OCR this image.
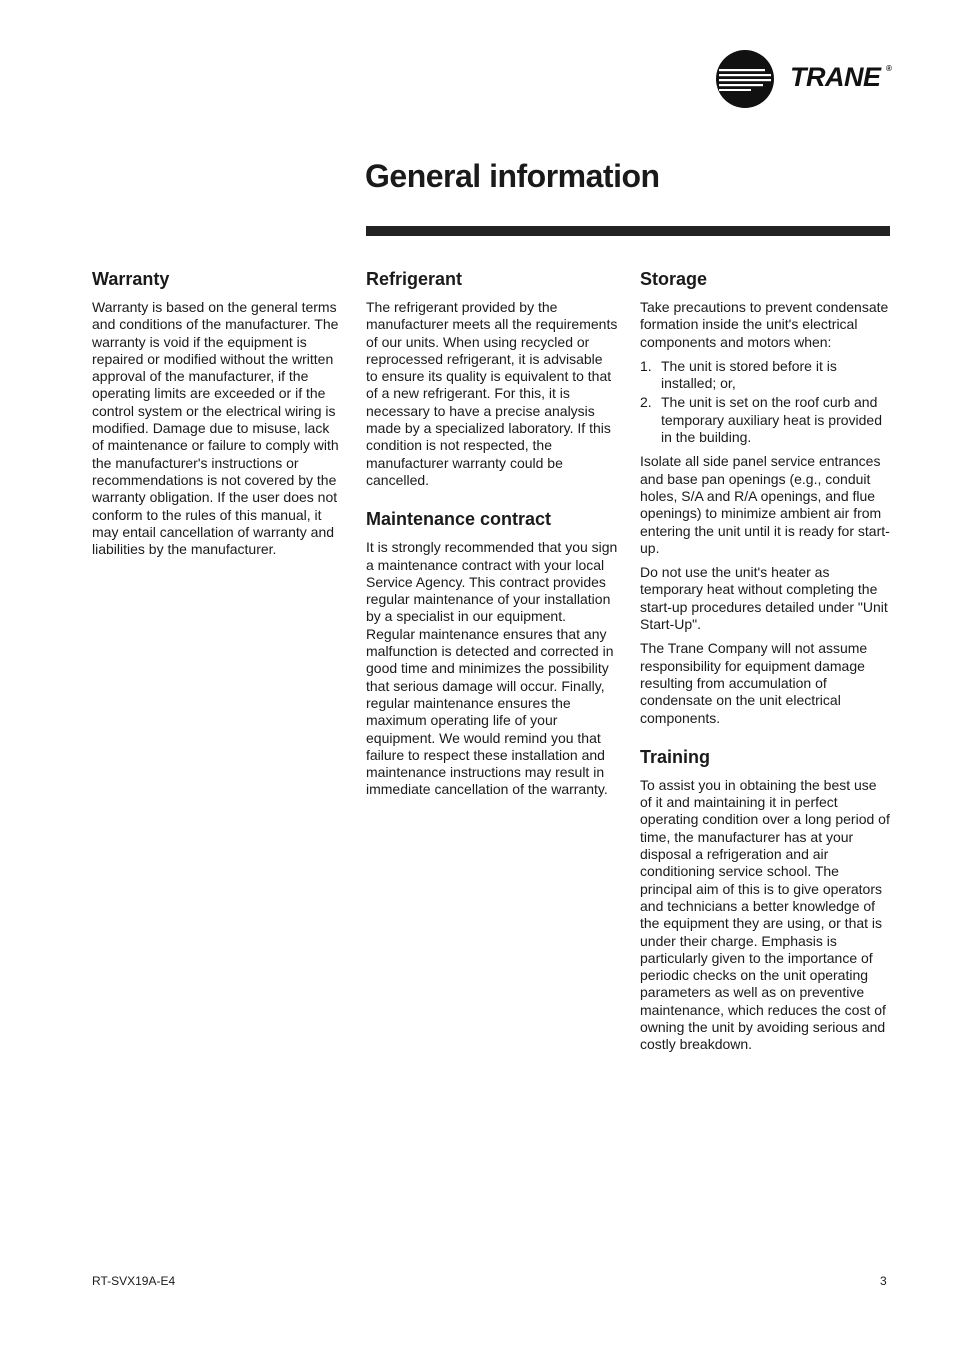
TRANE ®
General information
Warranty

Warranty is based on the general terms and conditions of the manufacturer. The warranty is void if the equipment is repaired or modified without the written approval of the manufacturer, if the operating limits are exceeded or if the control system or the electrical wiring is modified. Damage due to misuse, lack of maintenance or failure to comply with the manufacturer's instructions or recommendations is not covered by the warranty obligation. If the user does not conform to the rules of this manual, it may entail cancellation of warranty and liabilities by the manufacturer.

Refrigerant

The refrigerant provided by the manufacturer meets all the requirements of our units. When using recycled or reprocessed refrigerant, it is advisable to ensure its quality is equivalent to that of a new refrigerant. For this, it is necessary to have a precise analysis made by a specialized laboratory. If this condition is not respected, the manufacturer warranty could be cancelled.

Maintenance contract

It is strongly recommended that you sign a maintenance contract with your local Service Agency. This contract provides regular maintenance of your installation by a specialist in our equipment. Regular maintenance ensures that any malfunction is detected and corrected in good time and minimizes the possibility that serious damage will occur. Finally, regular maintenance ensures the maximum operating life of your equipment. We would remind you that failure to respect these installation and maintenance instructions may result in immediate cancellation of the warranty.

Storage

Take precautions to prevent condensate formation inside the unit's electrical components and motors when:

1. The unit is stored before it is installed; or,
2. The unit is set on the roof curb and temporary auxiliary heat is provided in the building.

Isolate all side panel service entrances and base pan openings (e.g., conduit holes, S/A and R/A openings, and flue openings) to minimize ambient air from entering the unit until it is ready for start-up.

Do not use the unit's heater as temporary heat without completing the start-up procedures detailed under "Unit Start-Up".

The Trane Company will not assume responsibility for equipment damage resulting from accumulation of condensate on the unit electrical components.

Training

To assist you in obtaining the best use of it and maintaining it in perfect operating condition over a long period of time, the manufacturer has at your disposal a refrigeration and air conditioning service school. The principal aim of this is to give operators and technicians a better knowledge of the equipment they are using, or that is under their charge. Emphasis is particularly given to the importance of periodic checks on the unit operating parameters as well as on preventive maintenance, which reduces the cost of owning the unit by avoiding serious and costly breakdown.

RT-SVX19A-E4	3
